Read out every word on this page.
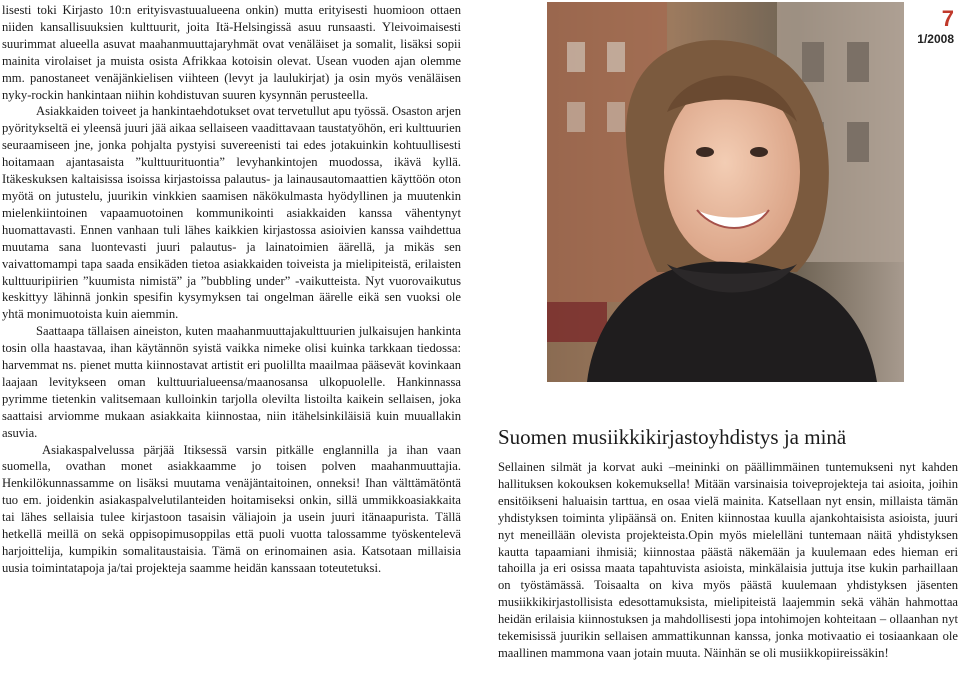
lisesti toki Kirjasto 10:n erityisvastuualueena onkin) mutta erityisesti huomioon ottaen niiden kansallisuuksien kulttuurit, joita Itä-Helsingissä asuu runsaasti. Yleivoimaisesti suurimmat alueella asuvat maahanmuuttajaryhmät ovat venäläiset ja somalit, lisäksi sopii mainita virolaiset ja muista osista Afrikkaa kotoisin olevat. Usean vuoden ajan olemme mm. panostaneet venäjänkielisen viihteen (levyt ja laulukirjat) ja osin myös venäläisen nyky-rockin hankintaan niihin kohdistuvan suuren kysynnän perusteella.

Asiakkaiden toiveet ja hankintaehdotukset ovat tervetullut apu työssä. Osaston arjen pyöritykseltä ei yleensä juuri jää aikaa sellaiseen vaadittavaan taustatyöhön, eri kulttuurien seuraamiseen jne, jonka pohjalta pystyisi suvereenisti tai edes jotakuinkin kohtuullisesti hoitamaan ajantasaista ”kulttuurituontia” levyhankintojen muodossa, ikävä kyllä. Itäkeskuksen kaltaisissa isoissa kirjastoissa palautus- ja lainausautomaattien käyttöön oton myötä on jutustelu, juurikin vinkkien saamisen näkökulmasta hyödyllinen ja muutenkin mielenkiintoinen vapaamuotoinen kommunikointi asiakkaiden kanssa vähentynyt huomattavasti. Ennen vanhaan tuli lähes kaikkien kirjastossa asioivien kanssa vaihdettua muutama sana luontevasti juuri palautus- ja lainatoimien äärellä, ja mikäs sen vaivattomampi tapa saada ensikäden tietoa asiakkaiden toiveista ja mielipiteistä, erilaisten kulttuuripiirien ”kuumista nimistä” ja ”bubbling under” -vaikutteista. Nyt vuorovaikutus keskittyy lähinnä jonkin spesifin kysymyksen tai ongelman äärelle eikä sen vuoksi ole yhtä monimuotoista kuin aiemmin.

Saattaapa tällaisen aineiston, kuten maahanmuuttajakulttuurien julkaisujen hankinta tosin olla haastavaa, ihan käytännön syistä vaikka nimeke olisi kuinka tarkkaan tiedossa: harvemmat ns. pienet mutta kiinnostavat artistit eri puolillta maailmaa pääsevät kovinkaan laajaan levitykseen oman kulttuurialueensa/maanosansa ulkopuolelle. Hankinnassa pyrimme tietenkin valitsemaan kulloinkin tarjolla olevilta listoilta kaikein sellaisen, joka saattaisi arviomme mukaan asiakkaita kiinnostaa, niin itähelsinkiläisiä kuin muuallakin asuvia.

Asiakaspalvelussa pärjää Itiksessä varsin pitkälle englannilla ja ihan vaan suomella, ovathan monet asiakkaamme jo toisen polven maahanmuuttajia. Henkilökunnassamme on lisäksi muutama venäjäntaitoinen, onneksi! Ihan välttämätöntä tuo em. joidenkin asiakaspalvelutilanteiden hoitamiseksi onkin, sillä ummikkoasiakkaita tai lähes sellaisia tulee kirjastoon tasaisin väliajoin ja usein juuri itänaapurista. Tällä hetkellä meillä on sekä oppisopimusoppilas että puoli vuotta talossamme työskentelevä harjoittelija, kumpikin somalitaustaisia. Tämä on erinomainen asia. Katsotaan millaisia uusia toimintatapoja ja/tai projekteja saamme heidän kanssaan toteutetuksi.

7
1/2008
Suomen musiikkikirjastoyhdistys ja minä

Sellainen silmät ja korvat auki –meininki on päällimmäinen tuntemukseni nyt kahden hallituksen kokouksen kokemuksella! Mitään varsinaisia toiveprojekteja tai asioita, joihin ensitöikseni haluaisin tarttua, en osaa vielä mainita. Katsellaan nyt ensin, millaista tämän yhdistyksen toiminta ylipäänsä on. Eniten kiinnostaa kuulla ajankohtaisista asioista, juuri nyt meneillään olevista projekteista.Opin myös mielelläni tuntemaan näitä yhdistyksen kautta tapaamiani ihmisiä; kiinnostaa päästä näkemään ja kuulemaan edes hieman eri tahoilla ja eri osissa maata tapahtuvista asioista, minkälaisia juttuja itse kukin parhaillaan on työstämässä. Toisaalta on kiva myös päästä kuulemaan yhdistyksen jäsenten musiikkikirjastollisista edesottamuksista, mielipiteistä laajemmin sekä vähän hahmottaa heidän erilaisia kiinnostuksen ja mahdollisesti jopa intohimojen kohteitaan – ollaanhan nyt tekemisissä juurikin sellaisen ammattikunnan kanssa, jonka motivaatio ei tosiaankaan ole maallinen mammona vaan jotain muuta. Näinhän se oli musiikkopiireissäkin!
